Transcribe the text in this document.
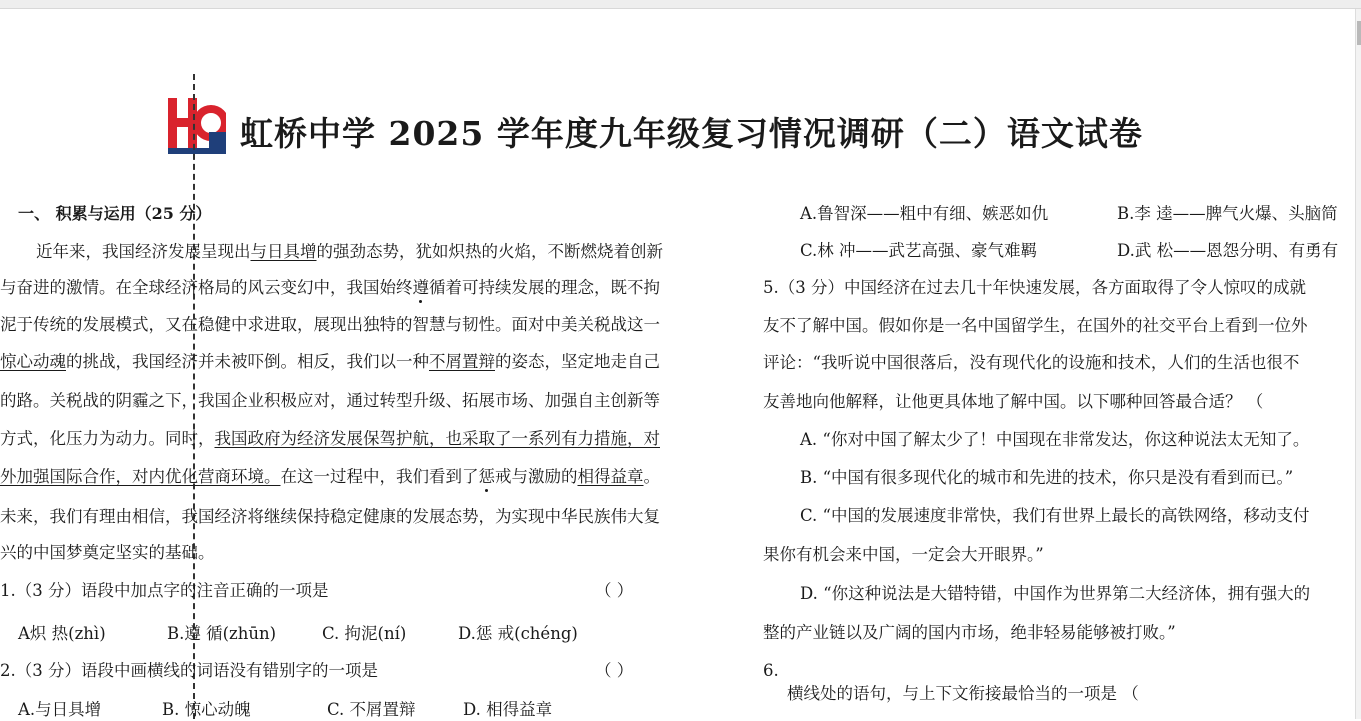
虹桥中学 2025 学年度九年级复习情况调研（二）语文试卷
一、 积累与运用（25 分）
近年来，我国经济发展呈现出与日具增的强劲态势，犹如炽热的火焰，不断燃烧着创新
与奋进的激情。在全球经济格局的风云变幻中，我国始终遵循着可持续发展的理念，既不拘
泥于传统的发展模式，又在稳健中求进取，展现出独特的智慧与韧性。面对中美关税战这一
惊心动魂的挑战，我国经济并未被吓倒。相反，我们以一种不屑置辩的姿态，坚定地走自己
的路。关税战的阴霾之下，我国企业积极应对，通过转型升级、拓展市场、加强自主创新等
方式，化压力为动力。同时，我国政府为经济发展保驾护航，也采取了一系列有力措施，对
外加强国际合作，对内优化营商环境。在这一过程中，我们看到了惩戒与激励的相得益章。
未来，我们有理由相信，我国经济将继续保持稳定健康的发展态势，为实现中华民族伟大复
兴的中国梦奠定坚实的基础。
1.（3 分）语段中加点字的注音正确的一项是	（ ）
A炽 热(zhì)	B.遵 循(zhūn)	C. 拘泥(ní)	D.惩 戒(chéng)
2.（3 分）语段中画横线的词语没有错别字的一项是	（ ）
A.与日具增	B. 惊心动魄	C. 不屑置辩	D. 相得益章
A.鲁智深——粗中有细、嫉恶如仇	B.李 逵——脾气火爆、头脑简
C.林 冲——武艺高强、豪气难羁	D.武 松——恩怨分明、有勇有
5.（3 分）中国经济在过去几十年快速发展，各方面取得了令人惊叹的成就
友不了解中国。假如你是一名中国留学生，在国外的社交平台上看到一位外
评论：“我听说中国很落后，没有现代化的设施和技术，人们的生活也很不
友善地向他解释，让他更具体地了解中国。以下哪种回答最合适？ （
A. “你对中国了解太少了！中国现在非常发达，你这种说法太无知了。
B. “中国有很多现代化的城市和先进的技术，你只是没有看到而已。”
C. “中国的发展速度非常快，我们有世界上最长的高铁网络，移动支付
果你有机会来中国，一定会大开眼界。”
D. “你这种说法是大错特错，中国作为世界第二大经济体，拥有强大的
整的产业链以及广阔的国内市场，绝非轻易能够被打败。”
6.
横线处的语句，与上下文衔接最恰当的一项是 （
